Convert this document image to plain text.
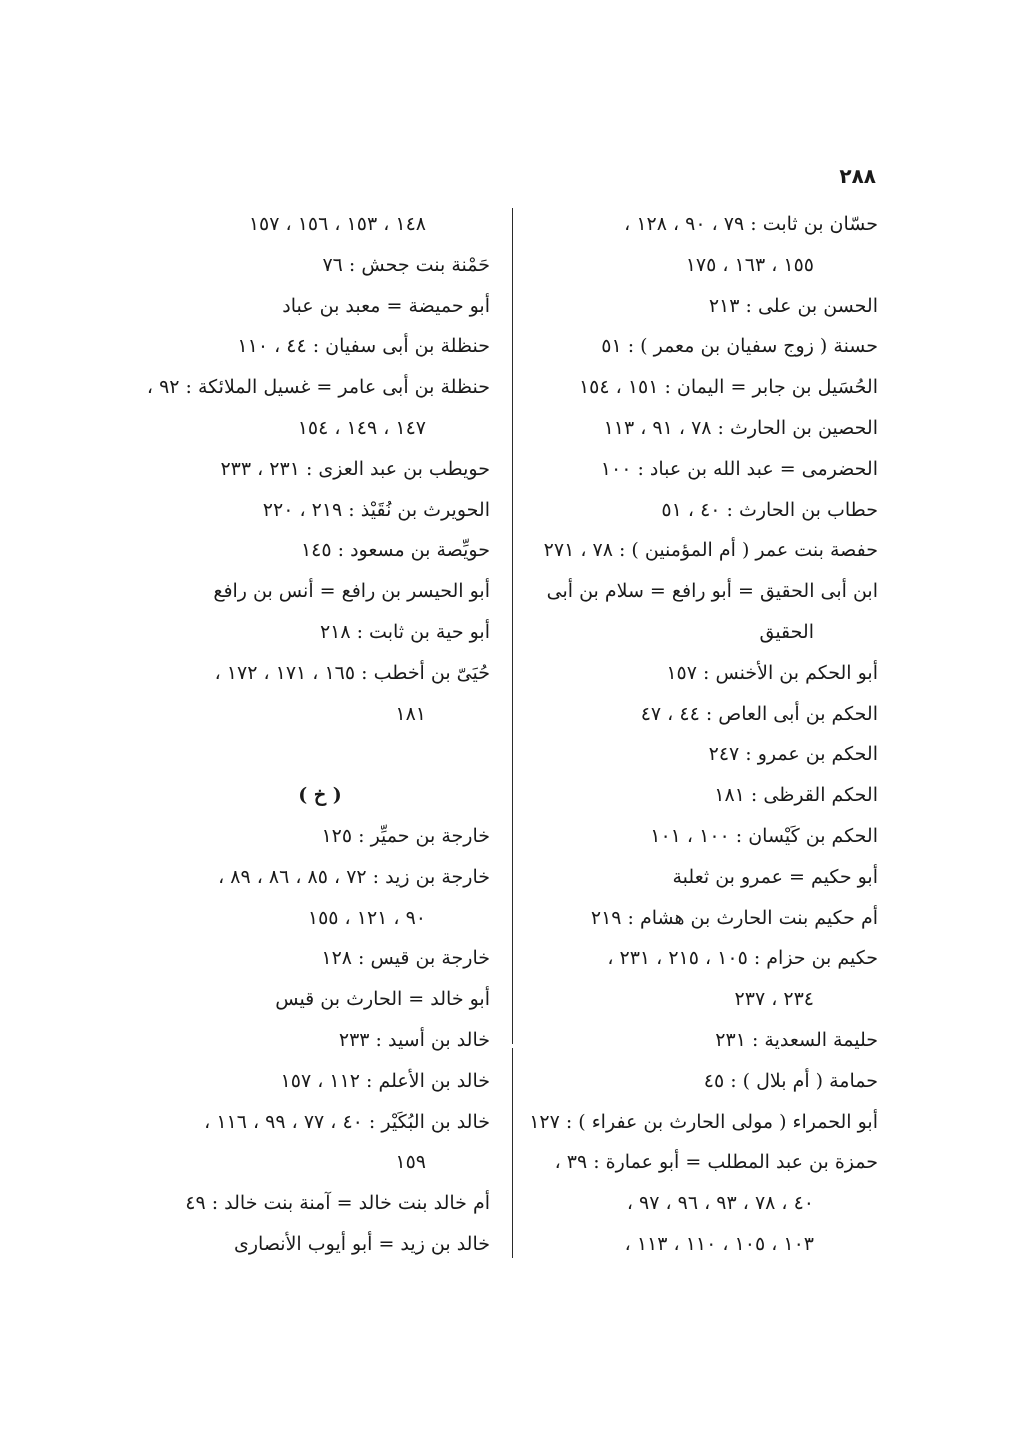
٢٨٨
حسّان بن ثابت : ٧٩ ، ٩٠ ، ١٢٨ ،
١٥٥ ، ١٦٣ ، ١٧٥
الحسن بن على : ٢١٣
حسنة ( زوج سفيان بن معمر ) : ٥١
الحُسَيل بن جابر = اليمان : ١٥١ ، ١٥٤
الحصين بن الحارث : ٧٨ ، ٩١ ، ١١٣
الحضرمى = عبد الله بن عباد : ١٠٠
حطاب بن الحارث : ٤٠ ، ٥١
حفصة بنت عمر ( أم المؤمنين ) : ٧٨ ، ٢٧١
ابن أبى الحقيق = أبو رافع = سلام بن أبى
الحقيق
أبو الحكم بن الأخنس : ١٥٧
الحكم بن أبى العاص : ٤٤ ، ٤٧
الحكم بن عمرو : ٢٤٧
الحكم القرظى : ١٨١
الحكم بن كَيْسان : ١٠٠ ، ١٠١
أبو حكيم = عمرو بن ثعلبة
أم حكيم بنت الحارث بن هشام : ٢١٩
حكيم بن حزام : ١٠٥ ، ٢١٥ ، ٢٣١ ،
٢٣٤ ، ٢٣٧
حليمة السعدية : ٢٣١
حمامة ( أم بلال ) : ٤٥
أبو الحمراء ( مولى الحارث بن عفراء ) : ١٢٧
حمزة بن عبد المطلب = أبو عمارة : ٣٩ ،
٤٠ ، ٧٨ ، ٩٣ ، ٩٦ ، ٩٧ ،
١٠٣ ، ١٠٥ ، ١١٠ ، ١١٣ ،
١٤٨ ، ١٥٣ ، ١٥٦ ، ١٥٧
حَمْنة بنت جحش : ٧٦
أبو حميضة = معبد بن عباد
حنظلة بن أبى سفيان : ٤٤ ، ١١٠
حنظلة بن أبى عامر = غسيل الملائكة : ٩٢ ،
١٤٧ ، ١٤٩ ، ١٥٤
حويطب بن عبد العزى : ٢٣١ ، ٢٣٣
الحويرث بن نُقَيْذ : ٢١٩ ، ٢٢٠
حويِّصة بن مسعود : ١٤٥
أبو الحيسر بن رافع = أنس بن رافع
أبو حية بن ثابت : ٢١٨
حُيَىّ بن أخطب : ١٦٥ ، ١٧١ ، ١٧٢ ،
١٨١
( خ )
خارجة بن حميِّر : ١٢٥
خارجة بن زيد : ٧٢ ، ٨٥ ، ٨٦ ، ٨٩ ،
٩٠ ، ١٢١ ، ١٥٥
خارجة بن قيس : ١٢٨
أبو خالد = الحارث بن قيس
خالد بن أسيد : ٢٣٣
خالد بن الأعلم : ١١٢ ، ١٥٧
خالد بن البُكَيْر : ٤٠ ، ٧٧ ، ٩٩ ، ١١٦ ،
١٥٩
أم خالد بنت خالد = آمنة بنت خالد : ٤٩
خالد بن زيد = أبو أيوب الأنصارى
